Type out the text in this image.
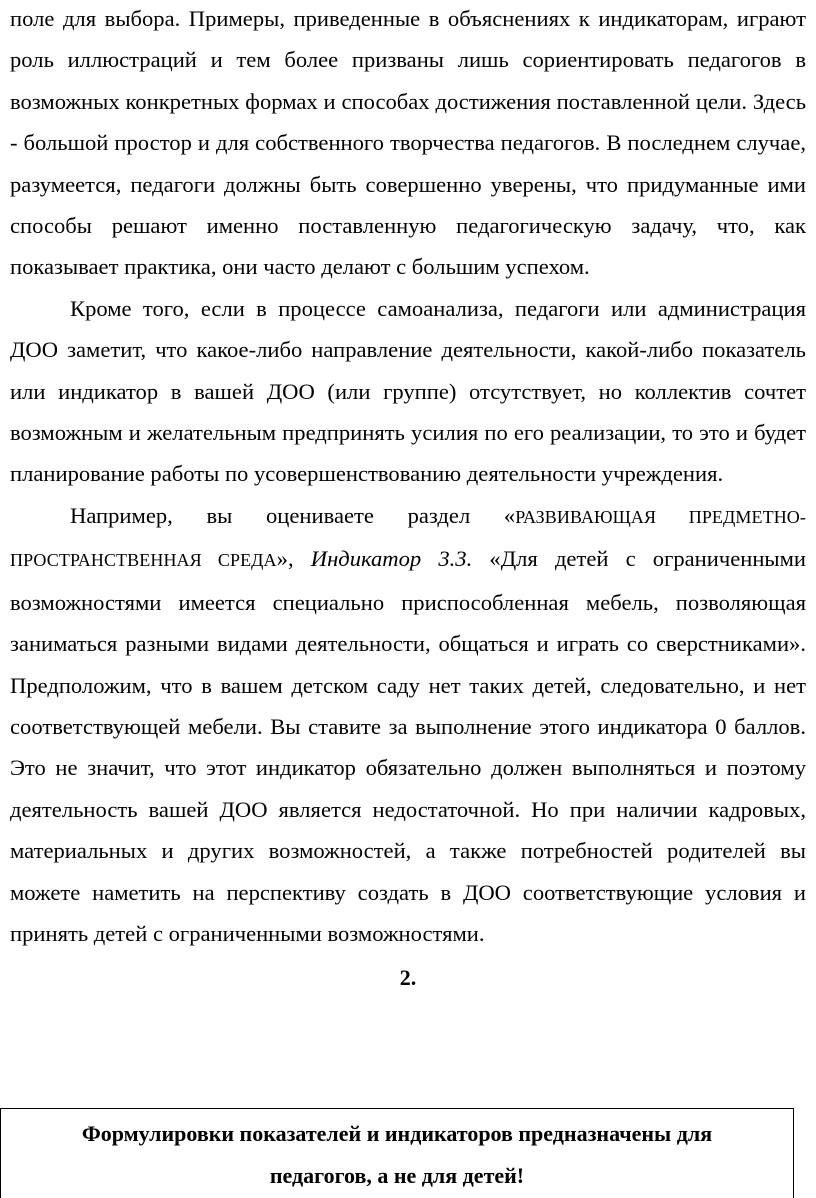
поле для выбора. Примеры, приведенные в объяснениях к индикаторам, играют роль иллюстраций и тем более призваны лишь сориентировать педагогов в возможных конкретных формах и способах достижения поставленной цели. Здесь - большой простор и для собственного творчества педагогов. В последнем случае, разумеется, педагоги должны быть совершенно уверены, что придуманные ими способы решают именно поставленную педагогическую задачу, что, как показывает практика, они часто делают с большим успехом.

Кроме того, если в процессе самоанализа, педагоги или администрация ДОО заметит, что какое-либо направление деятельности, какой-либо показатель или индикатор в вашей ДОО (или группе) отсутствует, но коллектив сочтет возможным и желательным предпринять усилия по его реализации, то это и будет планирование работы по усовершенствованию деятельности учреждения.

Например, вы оцениваете раздел «РАЗВИВАЮЩАЯ ПРЕДМЕТНО-ПРОСТРАНСТВЕННАЯ СРЕДА», Индикатор 3.3. «Для детей с ограниченными возможностями имеется специально приспособленная мебель, позволяющая заниматься разными видами деятельности, общаться и играть со сверстниками». Предположим, что в вашем детском саду нет таких детей, следовательно, и нет соответствующей мебели. Вы ставите за выполнение этого индикатора 0 баллов. Это не значит, что этот индикатор обязательно должен выполняться и поэтому деятельность вашей ДОО является недостаточной. Но при наличии кадровых, материальных и других возможностей, а также потребностей родителей вы можете наметить на перспективу создать в ДОО соответствующие условия и принять детей с ограниченными возможностями.

2.

Формулировки показателей и индикаторов предназначены для
педагогов, а не для детей!
